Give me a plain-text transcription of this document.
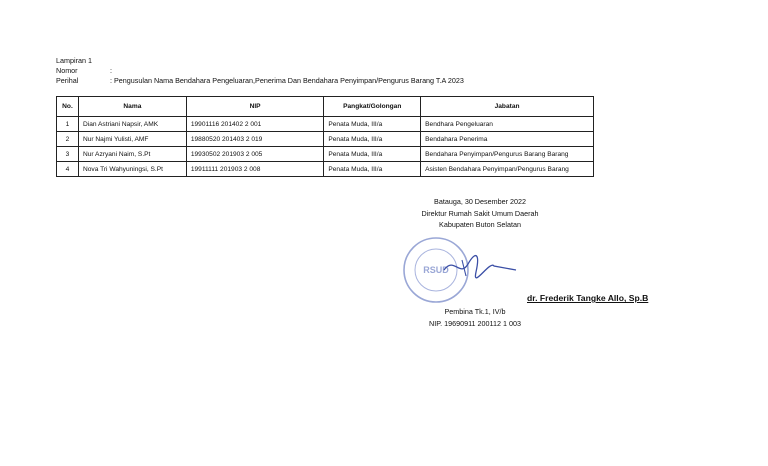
Lampiran 1
Nomor	:
Perihal	: Pengusulan Nama Bendahara Pengeluaran,Penerima Dan Bendahara Penyimpan/Pengurus Barang T.A 2023
No.	Nama	NIP	Pangkat/Golongan	Jabatan
1	Dian Astriani Napsir, AMK	19901116 201402 2 001	Penata Muda, III/a	Bendhara Pengeluaran
2	Nur Najmi Yulisti, AMF	19880520 201403 2 019	Penata Muda, III/a	Bendahara Penerima
3	Nur Azryani Naim, S.Pt	19930502 201903 2 005	Penata Muda, III/a	Bendahara Penyimpan/Pengurus Barang Barang
4	Nova Tri Wahyuningsi, S.Pt	19911111 201903 2 008	Penata Muda, III/a	Asisten Bendahara Penyimpan/Pengurus Barang
Batauga, 30 Desember 2022
Direktur Rumah Sakit Umum Daerah
Kabupaten Buton Selatan
RSUD
dr. Frederik Tangke Allo, Sp.B
Pembina Tk.1, IV/b
NIP. 19690911 200112 1 003
